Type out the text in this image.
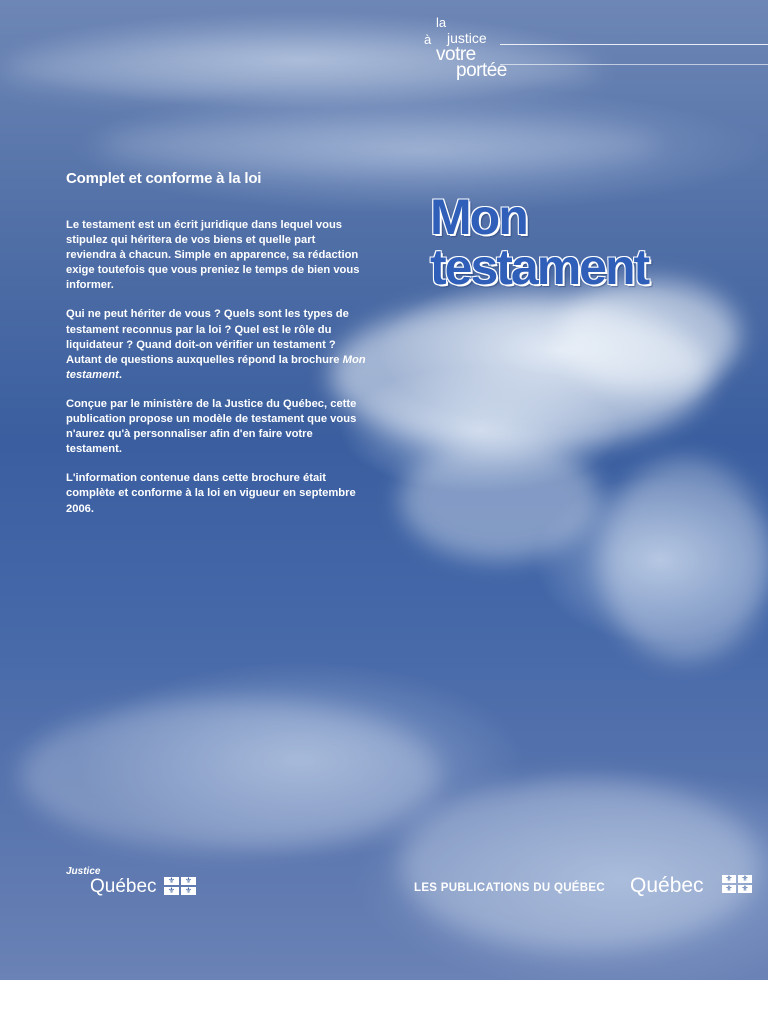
la
à justice
votre
portée
Complet et conforme à la loi
Mon
testament

Le testament est un écrit juridique dans lequel vous stipulez qui héritera de vos biens et quelle part reviendra à chacun. Simple en apparence, sa rédaction exige toutefois que vous preniez le temps de bien vous informer.

Qui ne peut hériter de vous ? Quels sont les types de testament reconnus par la loi ? Quel est le rôle du liquidateur ? Quand doit-on vérifier un testament ? Autant de questions auxquelles répond la brochure Mon testament.

Conçue par le ministère de la Justice du Québec, cette publication propose un modèle de testament que vous n'aurez qu'à personnaliser afin d'en faire votre testament.

L'information contenue dans cette brochure était complète et conforme à la loi en vigueur en septembre 2006.

Justice
Québec	⚜	⚜
⚜	⚜	LES PUBLICATIONS DU QUÉBEC Québec	⚜	⚜
⚜	⚜
